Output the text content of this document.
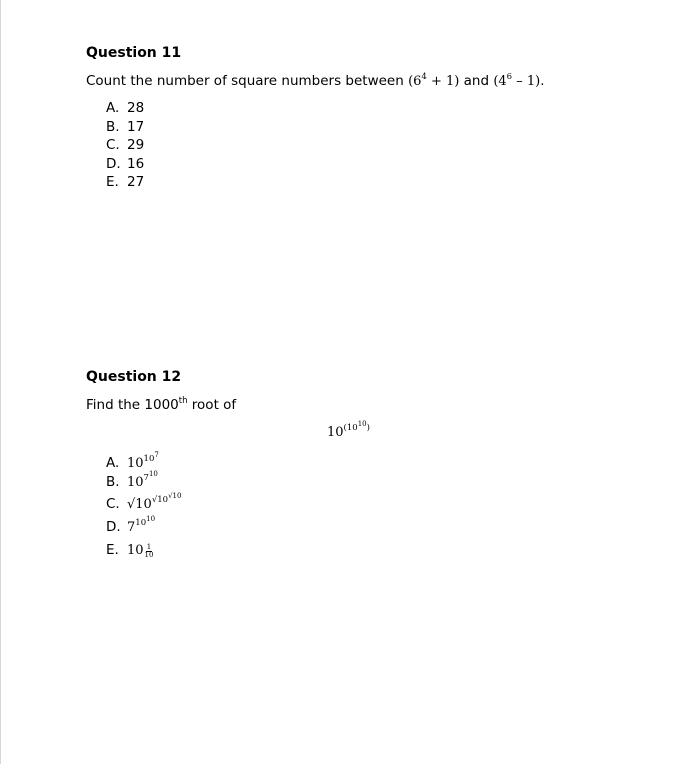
Question 11
Count the number of square numbers between $(6^4 + 1)$ and $(4^6 - 1)$.
A. 28
B. 17
C. 29
D. 16
E. 27
Question 12
Find the 1000th root of
$10^{(10^{10})}$
A. $10^{10^7}$
B. $10^{7^{10}}$
C. $√10^{√10^{√10}}$
D. $7^{10^{10}}$
E. $10 \frac{1}{10}$
